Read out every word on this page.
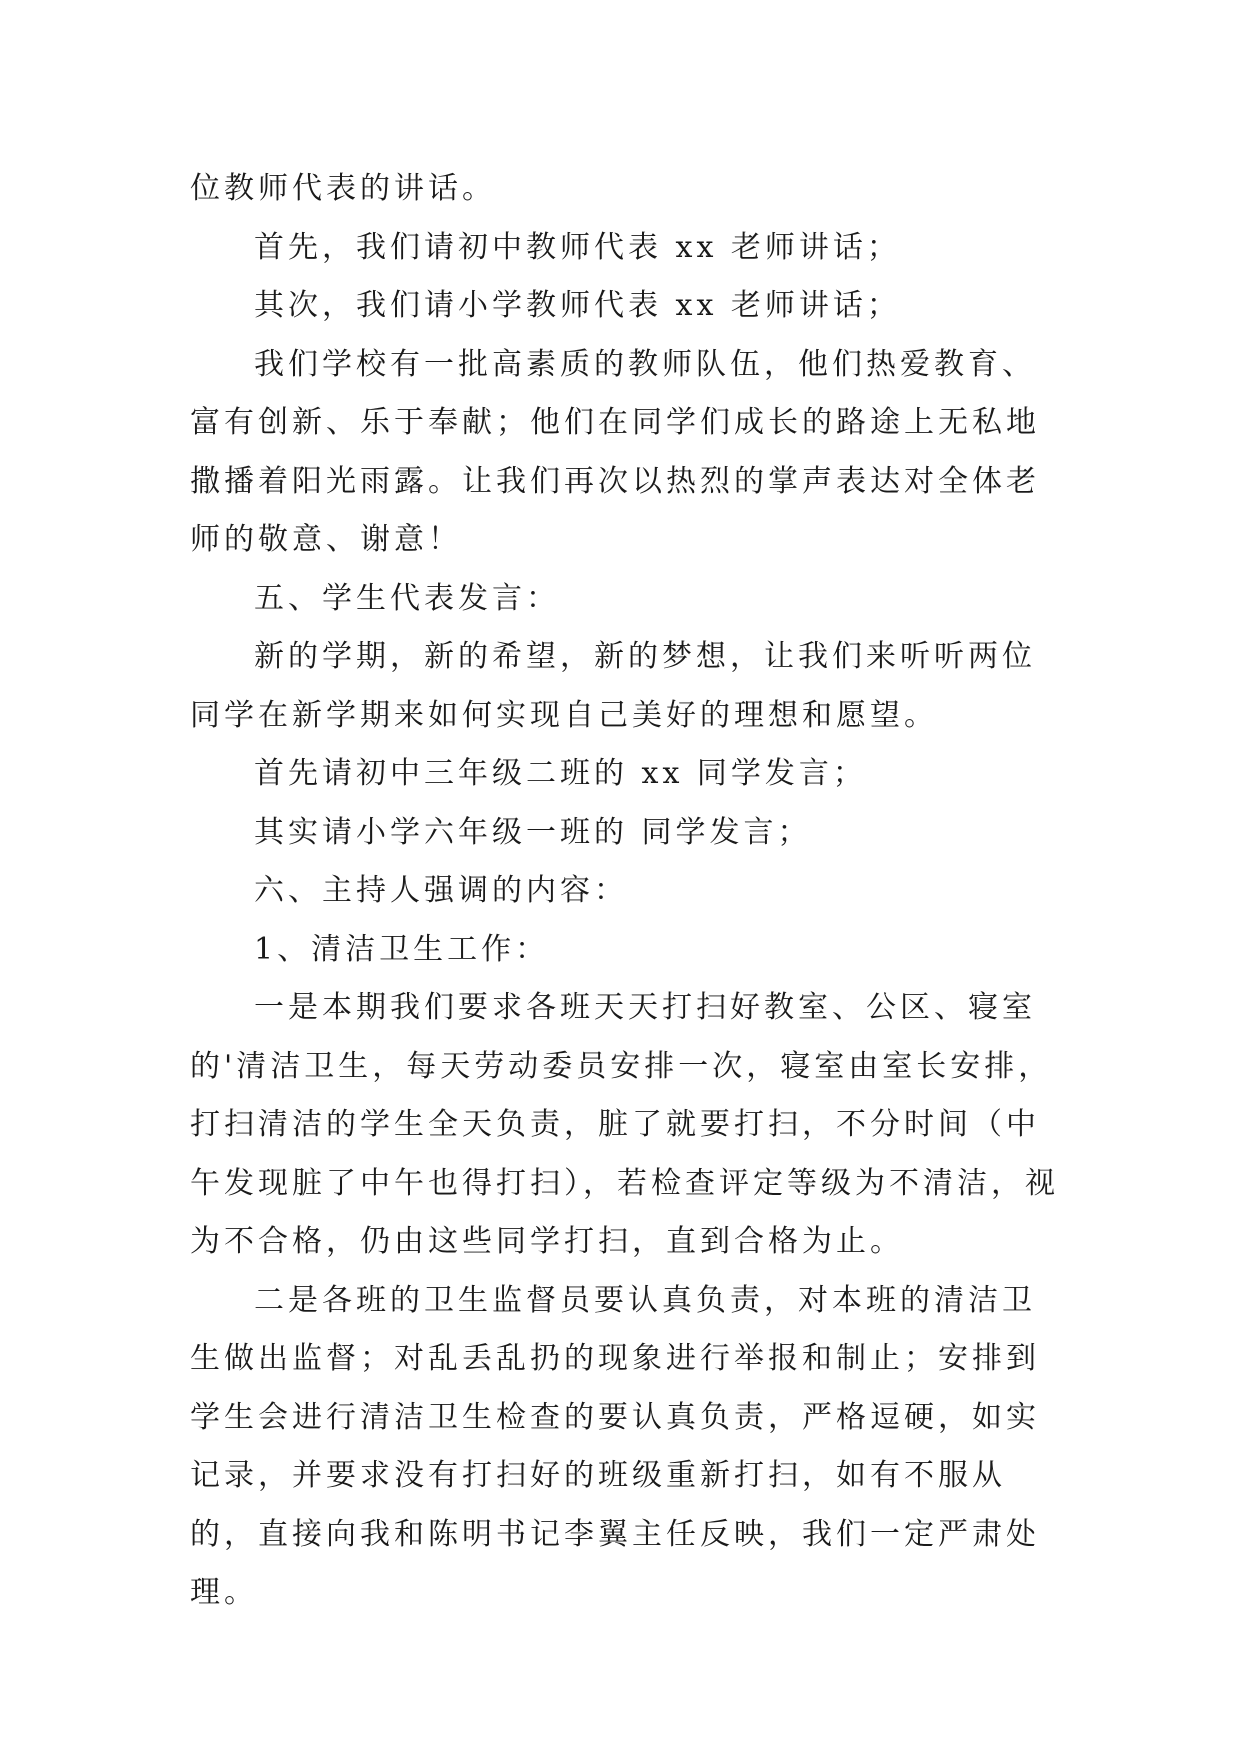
位教师代表的讲话。

首先，我们请初中教师代表 xx 老师讲话；

其次，我们请小学教师代表 xx 老师讲话；

我们学校有一批高素质的教师队伍，他们热爱教育、富有创新、乐于奉献；他们在同学们成长的路途上无私地撒播着阳光雨露。让我们再次以热烈的掌声表达对全体老师的敬意、谢意！

五、学生代表发言：

新的学期，新的希望，新的梦想，让我们来听听两位同学在新学期来如何实现自己美好的理想和愿望。

首先请初中三年级二班的 xx 同学发言；

其实请小学六年级一班的 同学发言；

六、主持人强调的内容：

1、清洁卫生工作：

一是本期我们要求各班天天打扫好教室、公区、寝室的'清洁卫生，每天劳动委员安排一次，寝室由室长安排，打扫清洁的学生全天负责，脏了就要打扫，不分时间（中午发现脏了中午也得打扫），若检查评定等级为不清洁，视为不合格，仍由这些同学打扫，直到合格为止。

二是各班的卫生监督员要认真负责，对本班的清洁卫生做出监督；对乱丢乱扔的现象进行举报和制止；安排到学生会进行清洁卫生检查的要认真负责，严格逗硬，如实记录，并要求没有打扫好的班级重新打扫，如有不服从的，直接向我和陈明书记李翼主任反映，我们一定严肃处理。
